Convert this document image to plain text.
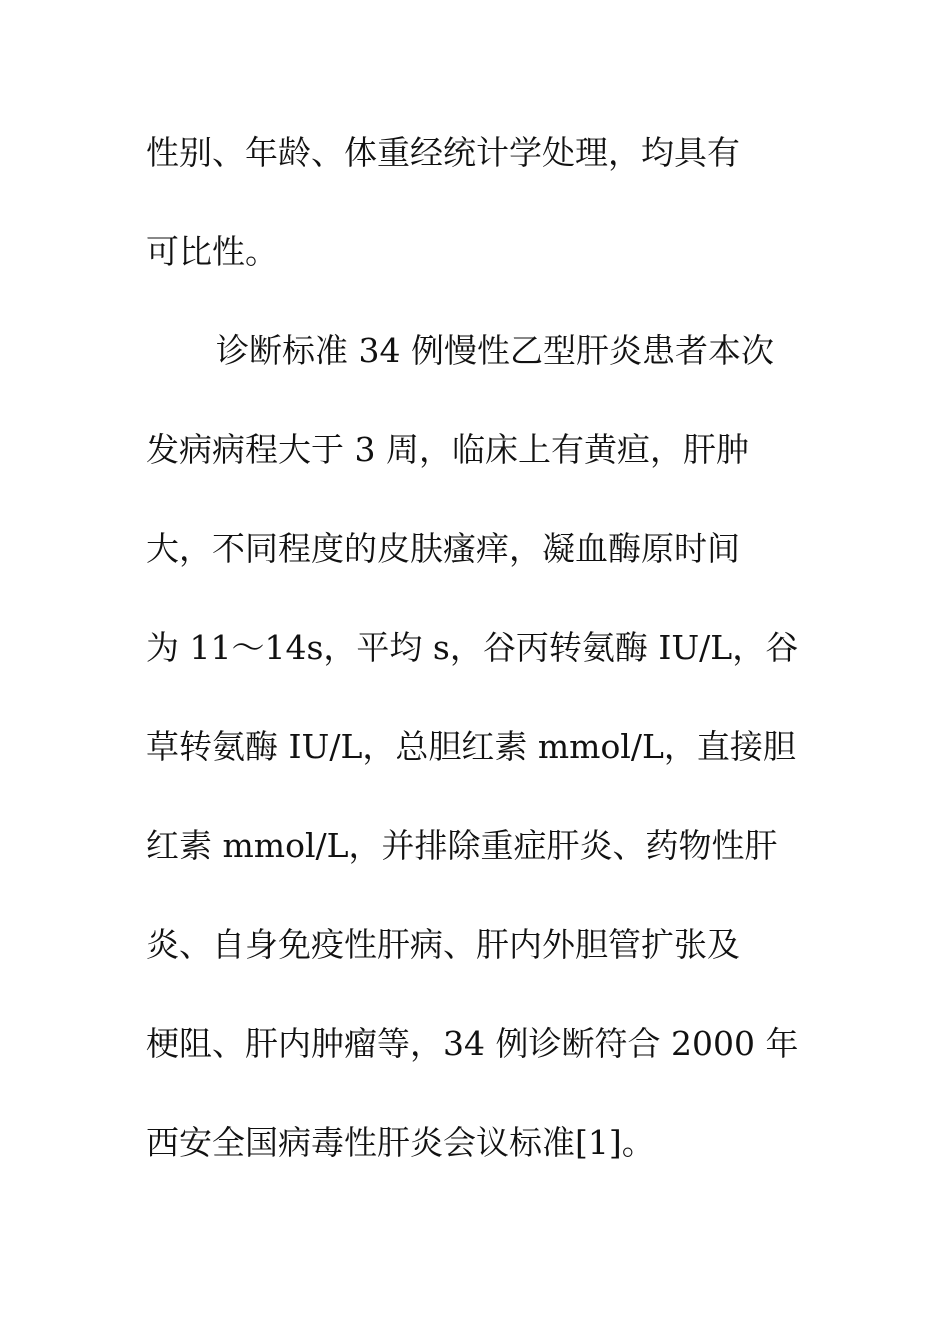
性别、年龄、体重经统计学处理，均具有
可比性。
诊断标准 34 例慢性乙型肝炎患者本次
发病病程大于 3 周，临床上有黄疸，肝肿
大，不同程度的皮肤瘙痒，凝血酶原时间
为 11～14s，平均 s，谷丙转氨酶 IU/L，谷
草转氨酶 IU/L，总胆红素 mmol/L，直接胆
红素 mmol/L，并排除重症肝炎、药物性肝
炎、自身免疫性肝病、肝内外胆管扩张及
梗阻、肝内肿瘤等，34 例诊断符合 2000 年
西安全国病毒性肝炎会议标准[1]。
